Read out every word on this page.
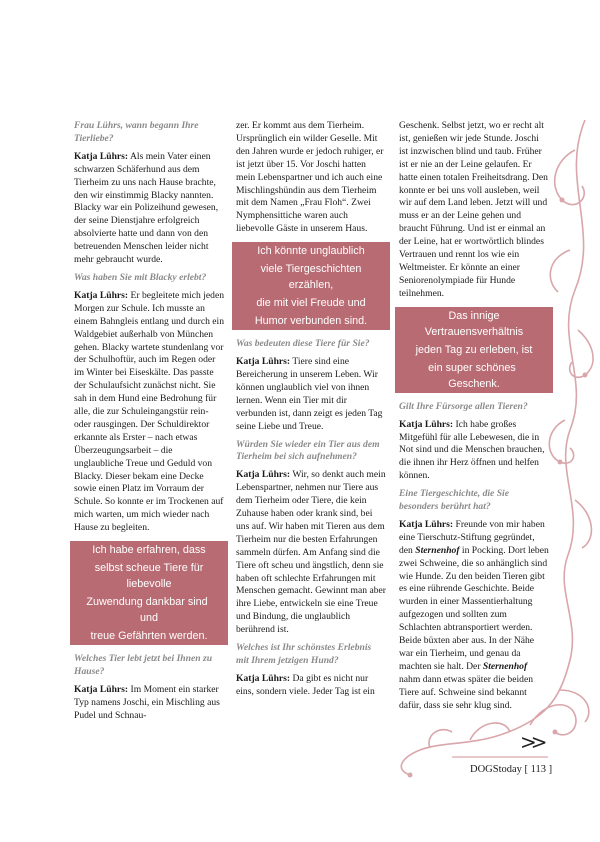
Frau Lührs, wann begann Ihre Tierliebe?

Katja Lührs: Als mein Vater einen schwarzen Schäferhund aus dem Tierheim zu uns nach Hause brachte, den wir einstimmig Blacky nannten. Blacky war ein Polizeihund gewesen, der seine Dienstjahre erfolgreich absolvierte hatte und dann von den betreuenden Menschen leider nicht mehr gebraucht wurde.

Was haben Sie mit Blacky erlebt?

Katja Lührs: Er begleitete mich jeden Morgen zur Schule. Ich musste an einem Bahngleis entlang und durch ein Waldgebiet außerhalb von München gehen. Blacky wartete stundenlang vor der Schulhoftür, auch im Regen oder im Winter bei Eiseskälte. Das passte der Schulaufsicht zunächst nicht. Sie sah in dem Hund eine Bedrohung für alle, die zur Schuleingangstür rein- oder rausgingen. Der Schuldirektor erkannte als Erster – nach etwas Überzeugungsarbeit – die unglaubliche Treue und Geduld von Blacky. Dieser bekam eine Decke sowie einen Platz im Vorraum der Schule. So konnte er im Trockenen auf mich warten, um mich wieder nach Hause zu begleiten.

Ich habe erfahren, dass
selbst scheue Tiere für liebevolle
Zuwendung dankbar sind und
treue Gefährten werden.

Welches Tier lebt jetzt bei Ihnen zu Hause?

Katja Lührs: Im Moment ein starker Typ namens Joschi, ein Mischling aus Pudel und Schnau-

zer. Er kommt aus dem Tierheim. Ursprünglich ein wilder Geselle. Mit den Jahren wurde er jedoch ruhiger, er ist jetzt über 15. Vor Joschi hatten mein Lebenspartner und ich auch eine Mischlingshündin aus dem Tierheim mit dem Namen „Frau Floh“. Zwei Nymphensittiche waren auch liebevolle Gäste in unserem Haus.

Ich könnte unglaublich
viele Tiergeschichten erzählen,
die mit viel Freude und
Humor verbunden sind.

Was bedeuten diese Tiere für Sie?

Katja Lührs: Tiere sind eine Bereicherung in unserem Leben. Wir können unglaublich viel von ihnen lernen. Wenn ein Tier mit dir verbunden ist, dann zeigt es jeden Tag seine Liebe und Treue.

Würden Sie wieder ein Tier aus dem Tierheim bei sich aufnehmen?

Katja Lührs: Wir, so denkt auch mein Lebenspartner, nehmen nur Tiere aus dem Tierheim oder Tiere, die kein Zuhause haben oder krank sind, bei uns auf. Wir haben mit Tieren aus dem Tierheim nur die besten Erfahrungen sammeln dürfen. Am Anfang sind die Tiere oft scheu und ängstlich, denn sie haben oft schlechte Erfahrungen mit Menschen gemacht. Gewinnt man aber ihre Liebe, entwickeln sie eine Treue und Bindung, die unglaublich berührend ist.

Welches ist Ihr schönstes Erlebnis mit Ihrem jetzigen Hund?

Katja Lührs: Da gibt es nicht nur eins, sondern viele. Jeder Tag ist ein

Geschenk. Selbst jetzt, wo er recht alt ist, genießen wir jede Stunde. Joschi ist inzwischen blind und taub. Früher ist er nie an der Leine gelaufen. Er hatte einen totalen Freiheitsdrang. Den konnte er bei uns voll ausleben, weil wir auf dem Land leben. Jetzt will und muss er an der Leine gehen und braucht Führung. Und ist er einmal an der Leine, hat er wortwörtlich blindes Vertrauen und rennt los wie ein Weltmeister. Er könnte an einer Seniorenolympiade für Hunde teilnehmen.

Das innige Vertrauensverhältnis
jeden Tag zu erleben, ist
ein super schönes Geschenk.

Gilt Ihre Fürsorge allen Tieren?

Katja Lührs: Ich habe großes Mitgefühl für alle Lebewesen, die in Not sind und die Menschen brauchen, die ihnen ihr Herz öffnen und helfen können.

Eine Tiergeschichte, die Sie besonders berührt hat?

Katja Lührs: Freunde von mir haben eine Tierschutz-Stiftung gegründet, den Sternenhof in Pocking. Dort leben zwei Schweine, die so anhänglich sind wie Hunde. Zu den beiden Tieren gibt es eine rührende Geschichte. Beide wurden in einer Massentierhaltung aufgezogen und sollten zum Schlachten abtransportiert werden. Beide büxten aber aus. In der Nähe war ein Tierheim, und genau da machten sie halt. Der Sternenhof nahm dann etwas später die beiden Tiere auf. Schweine sind bekannt dafür, dass sie sehr klug sind.

>>
DOGStoday [ 113 ]
